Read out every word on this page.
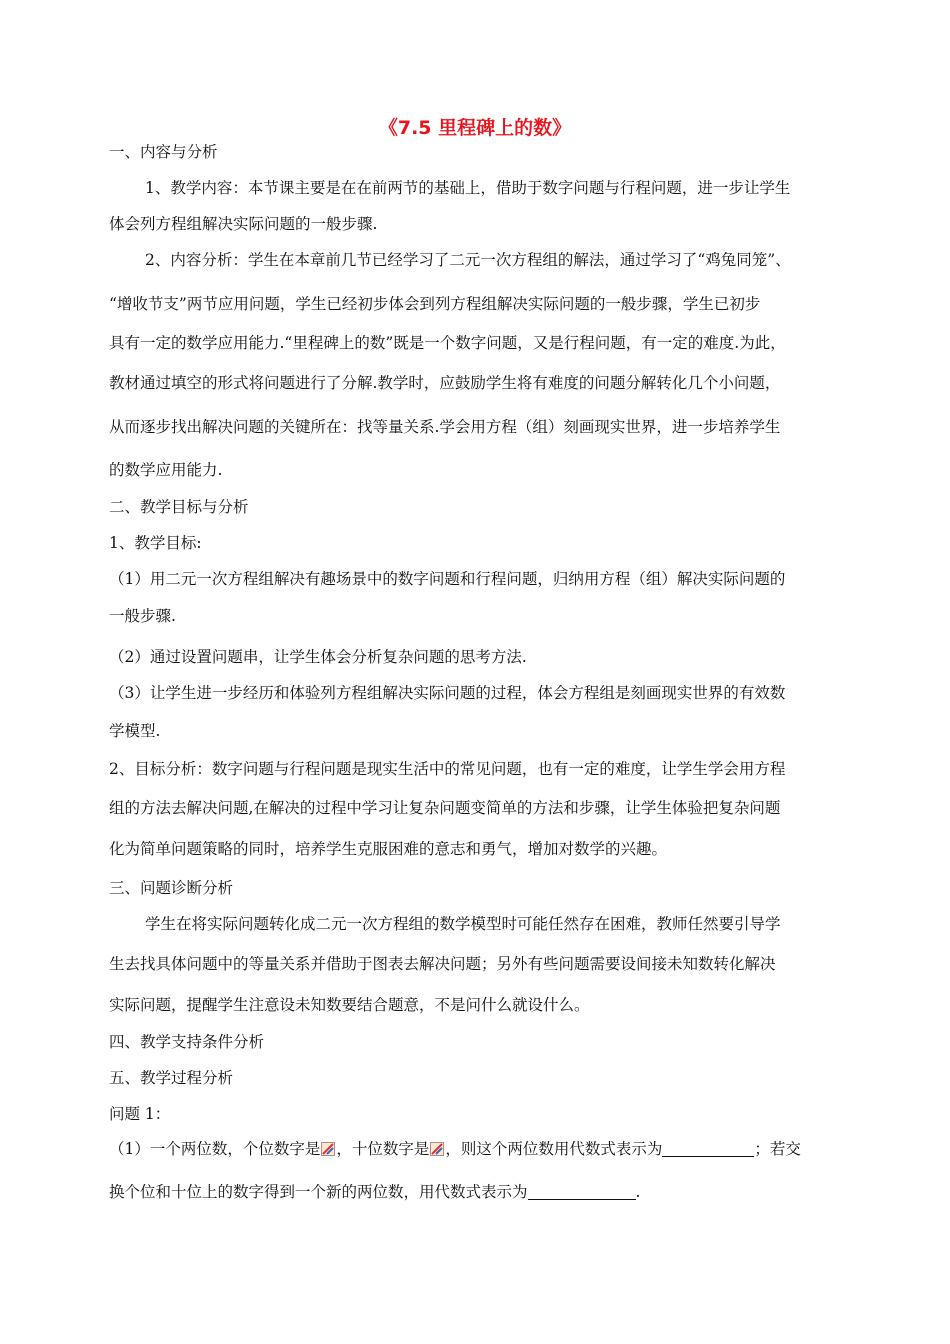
《7.5 里程碑上的数》
一、内容与分析
1、教学内容：本节课主要是在在前两节的基础上，借助于数字问题与行程问题，进一步让学生
体会列方程组解决实际问题的一般步骤.
2、内容分析：学生在本章前几节已经学习了二元一次方程组的解法，通过学习了“鸡兔同笼”、
“增收节支”两节应用问题，学生已经初步体会到列方程组解决实际问题的一般步骤，学生已初步
具有一定的数学应用能力.“里程碑上的数”既是一个数字问题，又是行程问题，有一定的难度.为此，
教材通过填空的形式将问题进行了分解.教学时，应鼓励学生将有难度的问题分解转化几个小问题，
从而逐步找出解决问题的关键所在：找等量关系.学会用方程（组）刻画现实世界，进一步培养学生
的数学应用能力.
二、教学目标与分析
1、教学目标:
（1）用二元一次方程组解决有趣场景中的数字问题和行程问题，归纳用方程（组）解决实际问题的
一般步骤.
（2）通过设置问题串，让学生体会分析复杂问题的思考方法.
（3）让学生进一步经历和体验列方程组解决实际问题的过程，体会方程组是刻画现实世界的有效数
学模型.
2、目标分析：数字问题与行程问题是现实生活中的常见问题，也有一定的难度，让学生学会用方程
组的方法去解决问题,在解决的过程中学习让复杂问题变简单的方法和步骤，让学生体验把复杂问题
化为简单问题策略的同时，培养学生克服困难的意志和勇气，增加对数学的兴趣。
三、问题诊断分析
学生在将实际问题转化成二元一次方程组的数学模型时可能任然存在困难，教师任然要引导学
生去找具体问题中的等量关系并借助于图表去解决问题；另外有些问题需要设间接未知数转化解决
实际问题，提醒学生注意设未知数要结合题意，不是问什么就设什么。
四、教学支持条件分析
五、教学过程分析
问题 1：
（1）一个两位数，个位数字是 ，十位数字是 ，则这个两位数用代数式表示为	；若交
换个位和十位上的数字得到一个新的两位数，用代数式表示为	.
